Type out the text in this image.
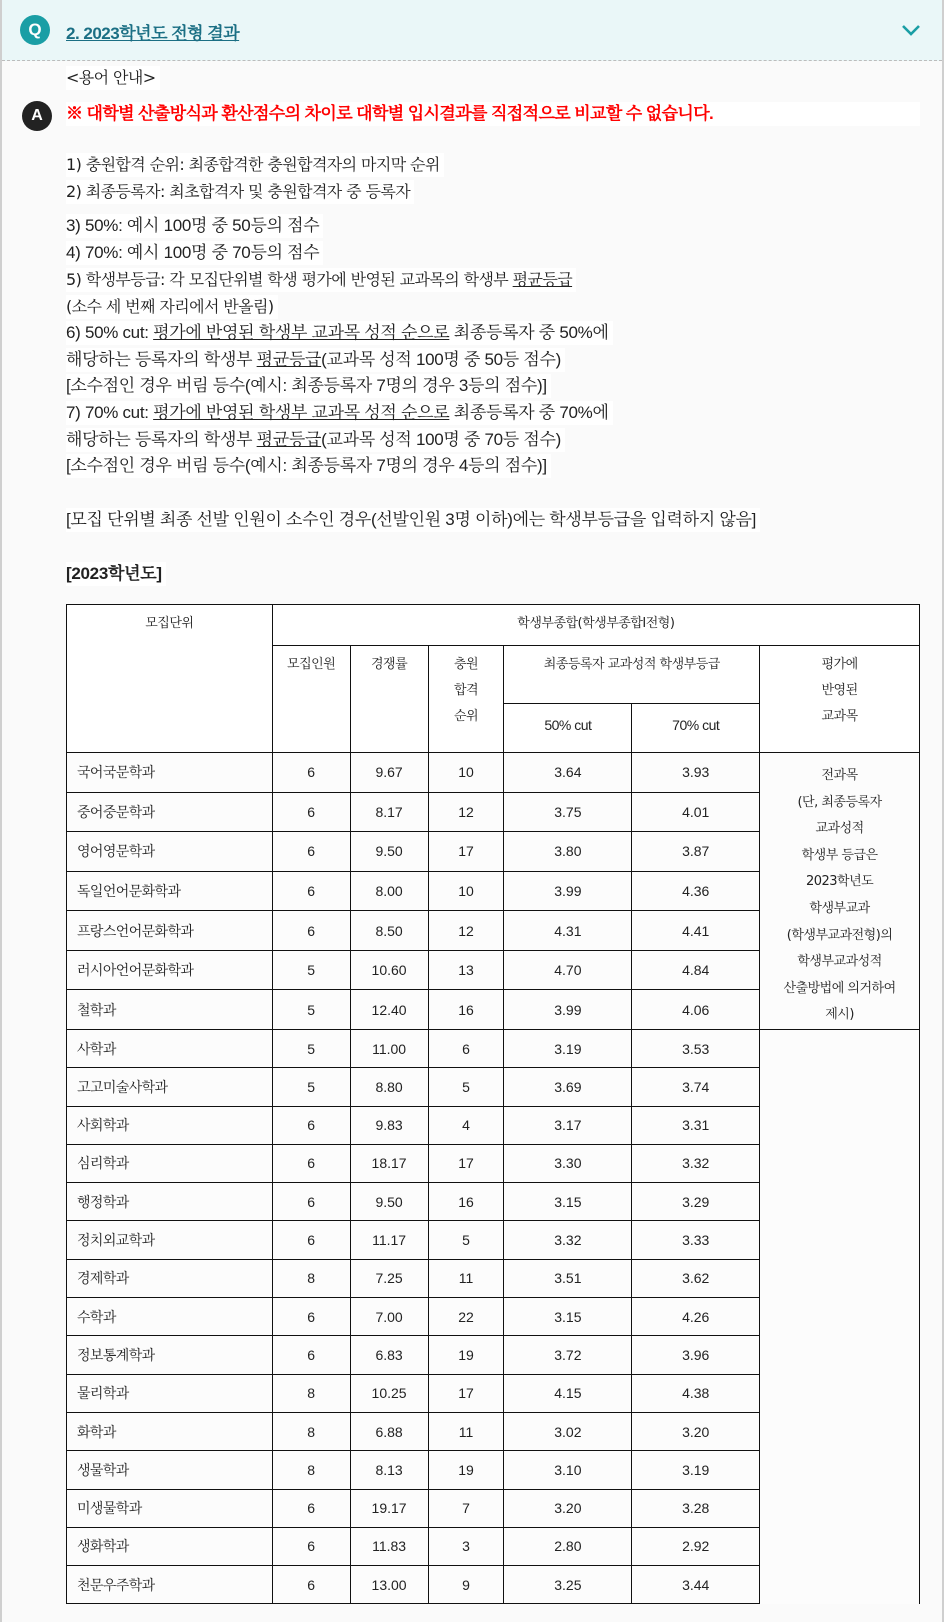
Q	2. 2023학년도 전형 결과
A
<용어 안내>
※ 대학별 산출방식과 환산점수의 차이로 대학별 입시결과를 직접적으로 비교할 수 없습니다.
1) 충원합격 순위: 최종합격한 충원합격자의 마지막 순위
2) 최종등록자: 최초합격자 및 충원합격자 중 등록자
3) 50%: 예시 100명 중 50등의 점수
4) 70%: 예시 100명 중 70등의 점수
5) 학생부등급: 각 모집단위별 학생 평가에 반영된 교과목의 학생부 평균등급
(소수 세 번째 자리에서 반올림)
6) 50% cut: 평가에 반영된 학생부 교과목 성적 순으로 최종등록자 중 50%에
해당하는 등록자의 학생부 평균등급(교과목 성적 100명 중 50등 점수)
[소수점인 경우 버림 등수(예시: 최종등록자 7명의 경우 3등의 점수)]
7) 70% cut: 평가에 반영된 학생부 교과목 성적 순으로 최종등록자 중 70%에
해당하는 등록자의 학생부 평균등급(교과목 성적 100명 중 70등 점수)
[소수점인 경우 버림 등수(예시: 최종등록자 7명의 경우 4등의 점수)]
[모집 단위별 최종 선발 인원이 소수인 경우(선발인원 3명 이하)에는 학생부등급을 입력하지 않음]
[2023학년도]
모집단위	학생부종합(학생부종합I전형)					
모집인원	경쟁률	충원
합격
순위
	최종등록자 교과성적 학생부등급	평가에
반영된
교과목

				50% cut	70% cut	
국어국문학과	6	9.67	10	3.64	3.93	전과목
(단, 최종등록자
교과성적
학생부 등급은
2023학년도
학생부교과
(학생부교과전형)의
학생부교과성적
산출방법에 의거하여
제시)

중어중문학과	6	8.17	12	3.75	4.01	
영어영문학과	6	9.50	17	3.80	3.87	
독일언어문화학과	6	8.00	10	3.99	4.36	
프랑스언어문화학과	6	8.50	12	4.31	4.41	
러시아언어문화학과	5	10.60	13	4.70	4.84	
철학과	5	12.40	16	3.99	4.06	
사학과	5	11.00	6	3.19	3.53	
고고미술사학과	5	8.80	5	3.69	3.74	
사회학과	6	9.83	4	3.17	3.31	
심리학과	6	18.17	17	3.30	3.32	
행정학과	6	9.50	16	3.15	3.29	
정치외교학과	6	11.17	5	3.32	3.33	
경제학과	8	7.25	11	3.51	3.62	
수학과	6	7.00	22	3.15	4.26	
정보통계학과	6	6.83	19	3.72	3.96	
물리학과	8	10.25	17	4.15	4.38	
화학과	8	6.88	11	3.02	3.20	
생물학과	8	8.13	19	3.10	3.19	
미생물학과	6	19.17	7	3.20	3.28	
생화학과	6	11.83	3	2.80	2.92	
천문우주학과	6	13.00	9	3.25	3.44	
